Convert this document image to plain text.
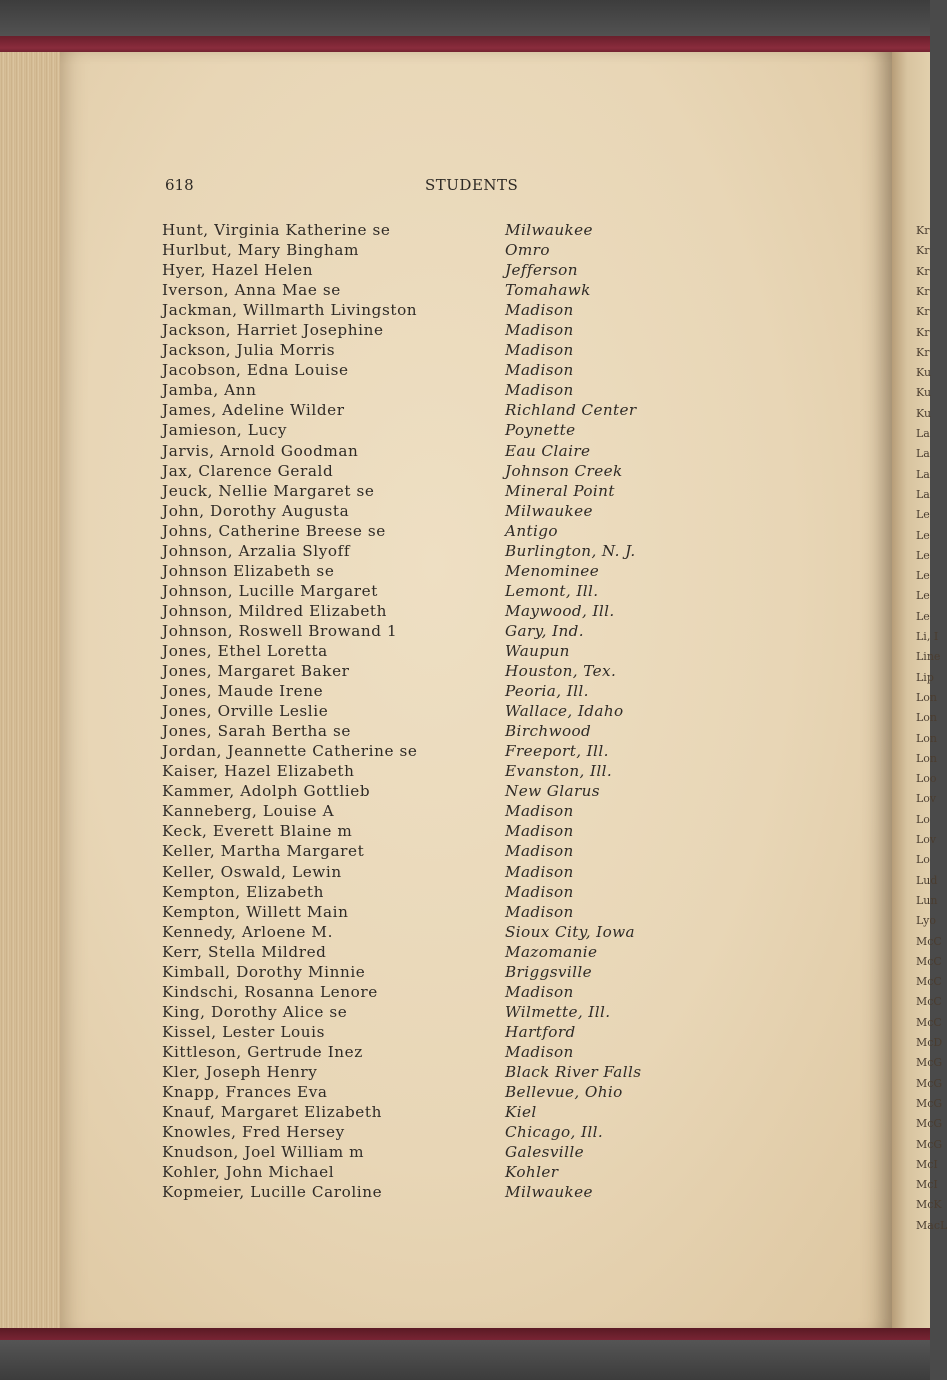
Kr
Kr
Kr
Kr
Kr
Kr
Kr
Ku
Ku
Ku
La
La
La
La
Le
Le
Le
Le
Le
Le
Li, I
Line
Lip
Lon
Lon
Lon
Lon
Loo
Lov
Lo
Lov
Lo
Lud
Lun
Lyo
McC
McC
McC
McC
McC
McD
McG
McG
McG
McG
McG
McI
McI
McK
MacL
618	STUDENTS
Hunt, Virginia Katherine se	Milwaukee
Hurlbut, Mary Bingham	Omro
Hyer, Hazel Helen	Jefferson
Iverson, Anna Mae se	Tomahawk
Jackman, Willmarth Livingston	Madison
Jackson, Harriet Josephine	Madison
Jackson, Julia Morris	Madison
Jacobson, Edna Louise	Madison
Jamba, Ann	Madison
James, Adeline Wilder	Richland Center
Jamieson, Lucy	Poynette
Jarvis, Arnold Goodman	Eau Claire
Jax, Clarence Gerald	Johnson Creek
Jeuck, Nellie Margaret se	Mineral Point
John, Dorothy Augusta	Milwaukee
Johns, Catherine Breese se	Antigo
Johnson, Arzalia Slyoff	Burlington, N. J.
Johnson Elizabeth se	Menominee
Johnson, Lucille Margaret	Lemont, Ill.
Johnson, Mildred Elizabeth	Maywood, Ill.
Johnson, Roswell Browand 1	Gary, Ind.
Jones, Ethel Loretta	Waupun
Jones, Margaret Baker	Houston, Tex.
Jones, Maude Irene	Peoria, Ill.
Jones, Orville Leslie	Wallace, Idaho
Jones, Sarah Bertha se	Birchwood
Jordan, Jeannette Catherine se	Freeport, Ill.
Kaiser, Hazel Elizabeth	Evanston, Ill.
Kammer, Adolph Gottlieb	New Glarus
Kanneberg, Louise A	Madison
Keck, Everett Blaine m	Madison
Keller, Martha Margaret	Madison
Keller, Oswald, Lewin	Madison
Kempton, Elizabeth	Madison
Kempton, Willett Main	Madison
Kennedy, Arloene M.	Sioux City, Iowa
Kerr, Stella Mildred	Mazomanie
Kimball, Dorothy Minnie	Briggsville
Kindschi, Rosanna Lenore	Madison
King, Dorothy Alice se	Wilmette, Ill.
Kissel, Lester Louis	Hartford
Kittleson, Gertrude Inez	Madison
Kler, Joseph Henry	Black River Falls
Knapp, Frances Eva	Bellevue, Ohio
Knauf, Margaret Elizabeth	Kiel
Knowles, Fred Hersey	Chicago, Ill.
Knudson, Joel William m	Galesville
Kohler, John Michael	Kohler
Kopmeier, Lucille Caroline	Milwaukee
